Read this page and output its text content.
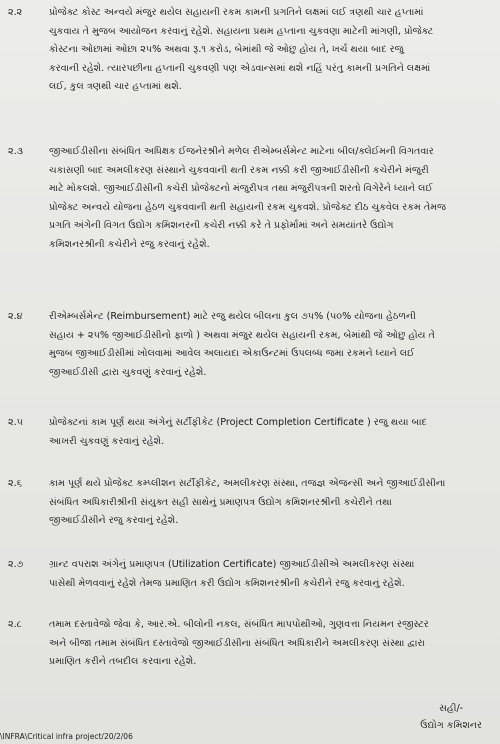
૨.૨	પ્રોજેક્ટ કોસ્ટ અન્વયે મંજુર થયેલ સહાયની રકમ કામની પ્રગતિને લક્ષમાં લઈ ત્રણથી ચાર હપ્તામાં
ચુકવાય તે મુજબ આયોજન કરવાનું રહેશે. સહાયના પ્રથમ હપ્તાના ચુકવણા માટેની માંગણી, પ્રોજેક્ટ
કોસ્ટના ઓછામાં ઓછા ૨૫% અથવા રૂ.૧ કરોડ, બેમાંથી જે ઓછુ હોય તે, ખર્ચ થયા બાદ રજુ
કરવાની રહેશે. ત્યારપછીના હપ્તાની ચુકવણી પણ એડવાન્સમાં થશે નહિં પરંતુ કામની પ્રગતિને લક્ષમાં
લઈ, કુલ ત્રણથી ચાર હપ્તામાં થશે.
૨.૩	જીઆઈડીસીના સંબંધિત અધિક્ષક ઈજનેરશ્રીને મળેલ રીએમ્બર્સમેન્ટ માટેના બીલ/ક્લેઈમની વિગતવાર
ચકાસણી બાદ અમલીકરણ સંસ્થાને ચુકવવાની થતી રકમ નક્કી કરી જીઆઈડીસીની કચેરીને મંજુરી
માટે મોકલશે. જીઆઈડીસીની કચેરી પ્રોજેક્ટનો મંજુરીપત્ર તથા મંજુરીપત્રની શરતો વિગેરેને ધ્યાને લઈ
પ્રોજેક્ટ અન્વયે યોજના હેઠળ ચુકવવાની થતી સહાયની રકમ ચુકવશે. પ્રોજેક્ટ દીઠ ચુકવેલ રકમ તેમજ
પ્રગતિ અંગેની વિગત ઉદ્યોગ કમિશનરની કચેરી નક્કી કરે તે પ્રફોર્મામાં અને સમયાંતરે ઉદ્યોગ
કમિશનરશ્રીની કચેરીને રજુ કરવાનું રહેશે.
૨.૪	રીએમ્બર્સમેન્ટ (Reimbursement) માટે રજુ થયેલ બીલના કુલ ૭૫% (૫૦% યોજના હેઠળની
સહાય + ૨૫% જીઆઈડીસીનો ફાળો ) અથવા મંજુર થયેલ સહાયની રકમ, બેમાંથી જે ઓછુ હોય તે
મુજબ જીઆઈડીસીમાં ખોલવામાં આવેલ અલાયદા એકાઉન્ટમાં ઉપલબ્ધ જમા રકમને ધ્યાને લઈ
જીઆઈડીસી દ્વારા ચુકવણું કરવાનું રહેશે.
૨.૫	પ્રોજેક્ટનાં કામ પૂર્ણ થયા અંગેનું સર્ટીફીકેટ (Project Completion Certificate ) રજુ થયા બાદ
આખરી ચુકવણું કરવાનું રહેશે.
૨.૬	કામ પૂર્ણ થયે પ્રોજેક્ટ કમ્પ્લીશન સર્ટીફીકેટ, અમલીકરણ સંસ્થા, તજજ્ઞ એજન્સી અને જીઆઈડીસીના
સંબંધિત અધિકારીશ્રીની સંયુક્ત સહી સાથેનું પ્રમાણપત્ર ઉદ્યોગ કમિશનરશ્રીની કચેરીને તથા
જીઆઈડીસીને રજુ કરવાનું રહેશે.
૨.૭	ગ્રાન્ટ વપરાશ અંગેનું પ્રમાણપત્ર (Utilization Certificate) જીઆઈડીસીએ અમલીકરણ સંસ્થા
પાસેથી મેળવવાનું રહેશે તેમજ પ્રમાણિત કરી ઉદ્યોગ કમિશનરશ્રીની કચેરીને રજુ કરવાનું રહેશે.
૨.૮	તમામ દસ્તાવેજો જેવા કે, આર.એ. બીલોની નકલ, સંબંધિત માપપોથીઓ, ગુણવત્તા નિયમન રજીસ્ટર
અને બીજા તમામ સંબંધિત દસ્તાવેજો જીઆઈડીસીના સંબંધિત અધિકારીને અમલીકરણ સંસ્થા દ્વારા
પ્રમાણિત કરીને તબદીલ કરવાના રહેશે.
સહી/-
ઉદ્યોગ કમિશનર
\INFRA\Critical infra project/20/2/06
